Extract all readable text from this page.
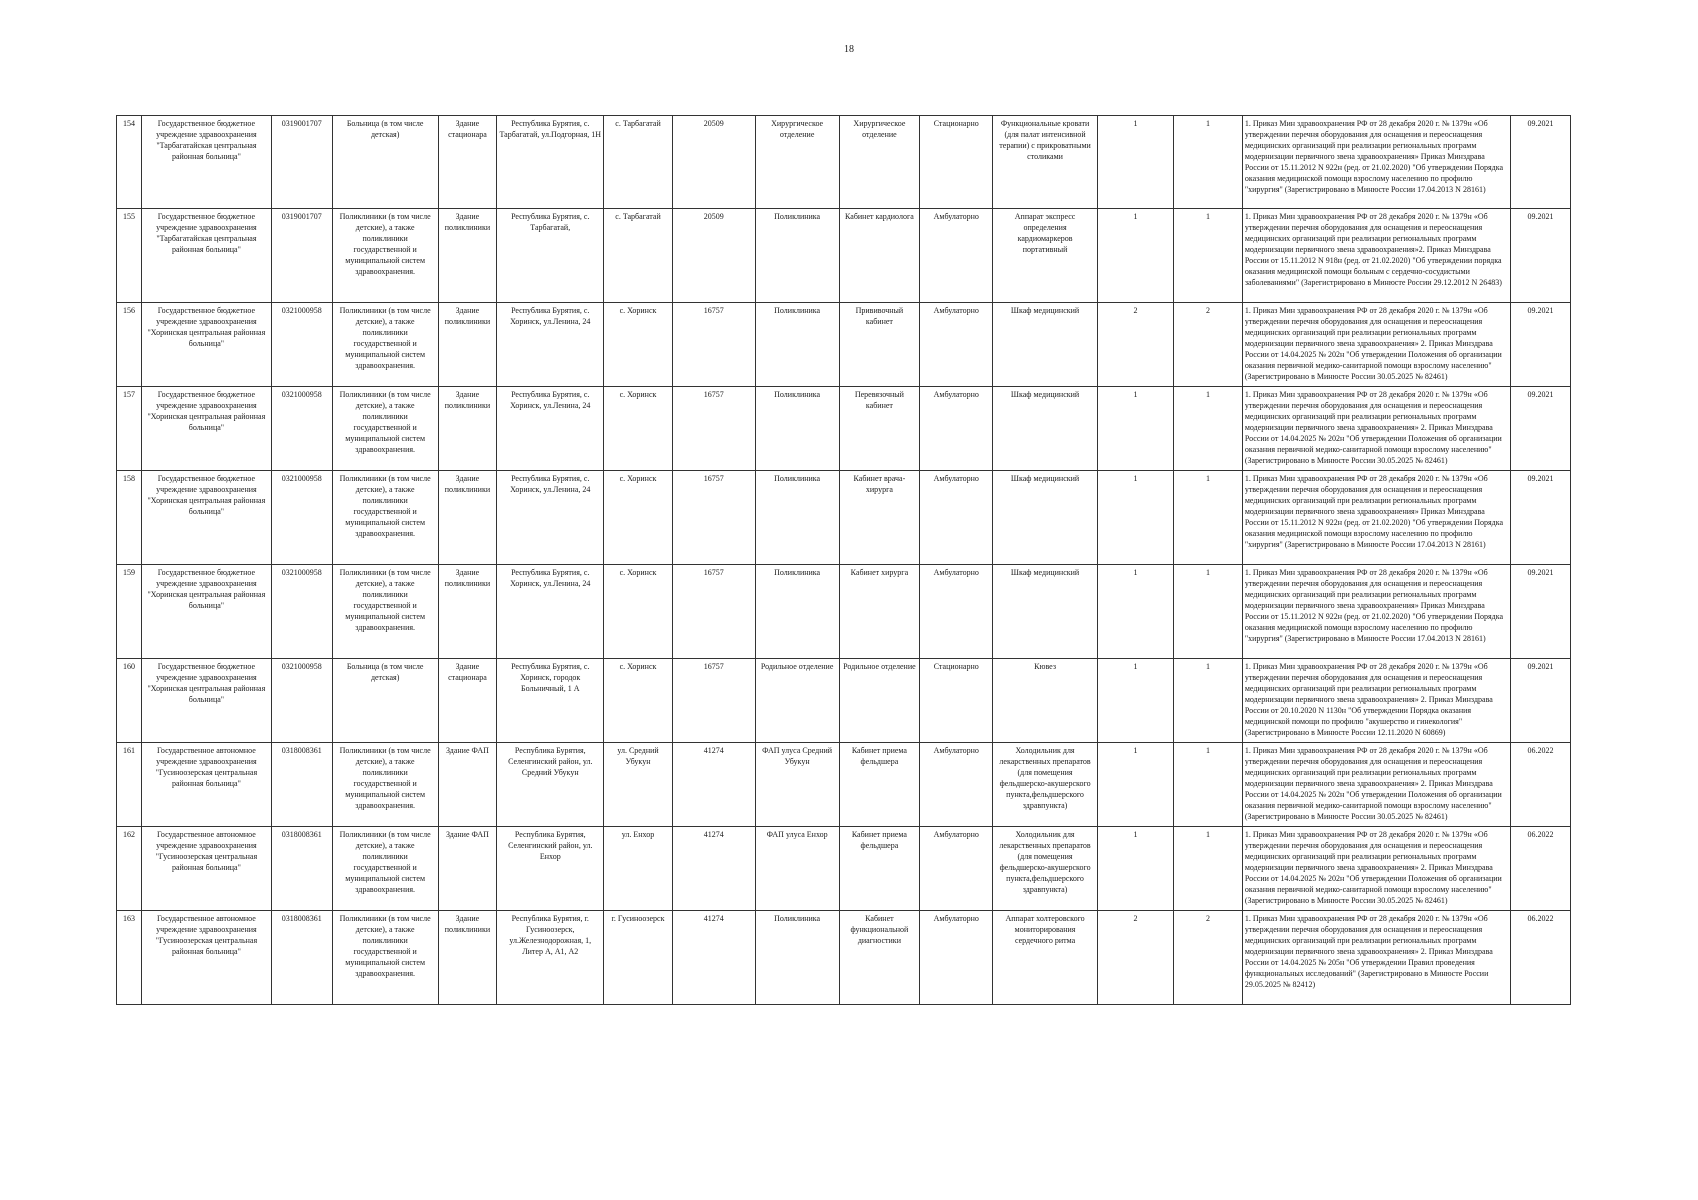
18
154	Государственное бюджетное учреждение здравоохранения "Тарбагатайская центральная районная больница"	0319001707	Больница (в том числе детская)	Здание стационара	Республика Бурятия, с. Тарбагатай, ул.Подгорная, 1Н	с. Тарбагатай	20509	Хирургическое отделение	Хирургическое отделение	Стационарно	Функциональные кровати (для палат интенсивной терапии) с прикроватными столиками	1	1	1. Приказ Мин здравоохранения РФ от 28 декабря 2020 г. № 1379н «Об утверждении перечня оборудования для оснащения и переоснащения медицинских организаций при реализации региональных программ модернизации первичного звена здравоохранения» Приказ Минздрава России от 15.11.2012 N 922н (ред. от 21.02.2020) "Об утверждении Порядка оказания медицинской помощи взрослому населению по профилю "хирургия" (Зарегистрировано в Минюсте России 17.04.2013 N 28161)	09.2021
155	Государственное бюджетное учреждение здравоохранения "Тарбагатайская центральная районная больница"	0319001707	Поликлиники (в том числе детские), а также поликлиники государственной и муниципальной систем здравоохранения.	Здание поликлиники	Республика Бурятия, с. Тарбагатай,	с. Тарбагатай	20509	Поликлиника	Кабинет кардиолога	Амбулаторно	Аппарат экспресс определения кардиомаркеров портативный	1	1	1. Приказ Мин здравоохранения РФ от 28 декабря 2020 г. № 1379н «Об утверждении перечня оборудования для оснащения и переоснащения медицинских организаций при реализации региональных программ модернизации первичного звена здравоохранения»2. Приказ Минздрава России от 15.11.2012 N 918н (ред. от 21.02.2020) "Об утверждении порядка оказания медицинской помощи больным с сердечно-сосудистыми заболеваниями" (Зарегистрировано в Минюсте России 29.12.2012 N 26483)	09.2021
156	Государственное бюджетное учреждение здравоохранения "Хоринская центральная районная больница"	0321000958	Поликлиники (в том числе детские), а также поликлиники государственной и муниципальной систем здравоохранения.	Здание поликлиники	Республика Бурятия, с. Хоринск, ул.Ленина, 24	с. Хоринск	16757	Поликлиника	Прививочный кабинет	Амбулаторно	Шкаф медицинский	2	2	1. Приказ Мин здравоохранения РФ от 28 декабря 2020 г. № 1379н «Об утверждении перечня оборудования для оснащения и переоснащения медицинских организаций при реализации региональных программ модернизации первичного звена здравоохранения» 2. Приказ Минздрава России от 14.04.2025 № 202н "Об утверждении Положения об организации оказания первичной медико-санитарной помощи взрослому населению" (Зарегистрировано в Минюсте России 30.05.2025 № 82461)	09.2021
157	Государственное бюджетное учреждение здравоохранения "Хоринская центральная районная больница"	0321000958	Поликлиники (в том числе детские), а также поликлиники государственной и муниципальной систем здравоохранения.	Здание поликлиники	Республика Бурятия, с. Хоринск, ул.Ленина, 24	с. Хоринск	16757	Поликлиника	Перевязочный кабинет	Амбулаторно	Шкаф медицинский	1	1	1. Приказ Мин здравоохранения РФ от 28 декабря 2020 г. № 1379н «Об утверждении перечня оборудования для оснащения и переоснащения медицинских организаций при реализации региональных программ модернизации первичного звена здравоохранения» 2. Приказ Минздрава России от 14.04.2025 № 202н "Об утверждении Положения об организации оказания первичной медико-санитарной помощи взрослому населению" (Зарегистрировано в Минюсте России 30.05.2025 № 82461)	09.2021
158	Государственное бюджетное учреждение здравоохранения "Хоринская центральная районная больница"	0321000958	Поликлиники (в том числе детские), а также поликлиники государственной и муниципальной систем здравоохранения.	Здание поликлиники	Республика Бурятия, с. Хоринск, ул.Ленина, 24	с. Хоринск	16757	Поликлиника	Кабинет врача-хирурга	Амбулаторно	Шкаф медицинский	1	1	1. Приказ Мин здравоохранения РФ от 28 декабря 2020 г. № 1379н «Об утверждении перечня оборудования для оснащения и переоснащения медицинских организаций при реализации региональных программ модернизации первичного звена здравоохранения» Приказ Минздрава России от 15.11.2012 N 922н (ред. от 21.02.2020) "Об утверждении Порядка оказания медицинской помощи взрослому населению по профилю "хирургия" (Зарегистрировано в Минюсте России 17.04.2013 N 28161)	09.2021
159	Государственное бюджетное учреждение здравоохранения "Хоринская центральная районная больница"	0321000958	Поликлиники (в том числе детские), а также поликлиники государственной и муниципальной систем здравоохранения.	Здание поликлиники	Республика Бурятия, с. Хоринск, ул.Ленина, 24	с. Хоринск	16757	Поликлиника	Кабинет хирурга	Амбулаторно	Шкаф медицинский	1	1	1. Приказ Мин здравоохранения РФ от 28 декабря 2020 г. № 1379н «Об утверждении перечня оборудования для оснащения и переоснащения медицинских организаций при реализации региональных программ модернизации первичного звена здравоохранения» Приказ Минздрава России от 15.11.2012 N 922н (ред. от 21.02.2020) "Об утверждении Порядка оказания медицинской помощи взрослому населению по профилю "хирургия" (Зарегистрировано в Минюсте России 17.04.2013 N 28161)	09.2021
160	Государственное бюджетное учреждение здравоохранения "Хоринская центральная районная больница"	0321000958	Больница (в том числе детская)	Здание стационара	Республика Бурятия, с. Хоринск, городок Больничный, 1 А	с. Хоринск	16757	Родильное отделение	Родильное отделение	Стационарно	Кювез	1	1	1. Приказ Мин здравоохранения РФ от 28 декабря 2020 г. № 1379н «Об утверждении перечня оборудования для оснащения и переоснащения медицинских организаций при реализации региональных программ модернизации первичного звена здравоохранения» 2. Приказ Минздрава России от 20.10.2020 N 1130н "Об утверждении Порядка оказания медицинской помощи по профилю "акушерство и гинекология" (Зарегистрировано в Минюсте России 12.11.2020 N 60869)	09.2021
161	Государственное автономное учреждение здравоохранения "Гусиноозерская центральная районная больница"	0318008361	Поликлиники (в том числе детские), а также поликлиники государственной и муниципальной систем здравоохранения.	Здание ФАП	Республика Бурятия, Селенгинский район, ул. Средний Убукун	ул. Средний Убукун	41274	ФАП улуса Средний Убукун	Кабинет приема фельдшера	Амбулаторно	Холодильник для лекарственных препаратов (для помещения фельдшерско-акушерского пункта,фельдшерского здравпункта)	1	1	1. Приказ Мин здравоохранения РФ от 28 декабря 2020 г. № 1379н «Об утверждении перечня оборудования для оснащения и переоснащения медицинских организаций при реализации региональных программ модернизации первичного звена здравоохранения» 2. Приказ Минздрава России от 14.04.2025 № 202н "Об утверждении Положения об организации оказания первичной медико-санитарной помощи взрослому населению" (Зарегистрировано в Минюсте России 30.05.2025 № 82461)	06.2022
162	Государственное автономное учреждение здравоохранения "Гусиноозерская центральная районная больница"	0318008361	Поликлиники (в том числе детские), а также поликлиники государственной и муниципальной систем здравоохранения.	Здание ФАП	Республика Бурятия, Селенгинский район, ул. Енхор	ул. Енхор	41274	ФАП улуса Енхор	Кабинет приема фельдшера	Амбулаторно	Холодильник для лекарственных препаратов (для помещения фельдшерско-акушерского пункта,фельдшерского здравпункта)	1	1	1. Приказ Мин здравоохранения РФ от 28 декабря 2020 г. № 1379н «Об утверждении перечня оборудования для оснащения и переоснащения медицинских организаций при реализации региональных программ модернизации первичного звена здравоохранения» 2. Приказ Минздрава России от 14.04.2025 № 202н "Об утверждении Положения об организации оказания первичной медико-санитарной помощи взрослому населению" (Зарегистрировано в Минюсте России 30.05.2025 № 82461)	06.2022
163	Государственное автономное учреждение здравоохранения "Гусиноозерская центральная районная больница"	0318008361	Поликлиники (в том числе детские), а также поликлиники государственной и муниципальной систем здравоохранения.	Здание поликлиники	Республика Бурятия, г. Гусиноозерск, ул.Железнодорожная, 1, Литер А, А1, А2	г. Гусиноозерск	41274	Поликлиника	Кабинет функциональной диагностики	Амбулаторно	Аппарат холтеровского мониторирования сердечного ритма	2	2	1. Приказ Мин здравоохранения РФ от 28 декабря 2020 г. № 1379н «Об утверждении перечня оборудования для оснащения и переоснащения медицинских организаций при реализации региональных программ модернизации первичного звена здравоохранения» 2. Приказ Минздрава России от 14.04.2025 № 205н "Об утверждении Правил проведения функциональных исследований" (Зарегистрировано в Минюсте России 29.05.2025 № 82412)	06.2022
